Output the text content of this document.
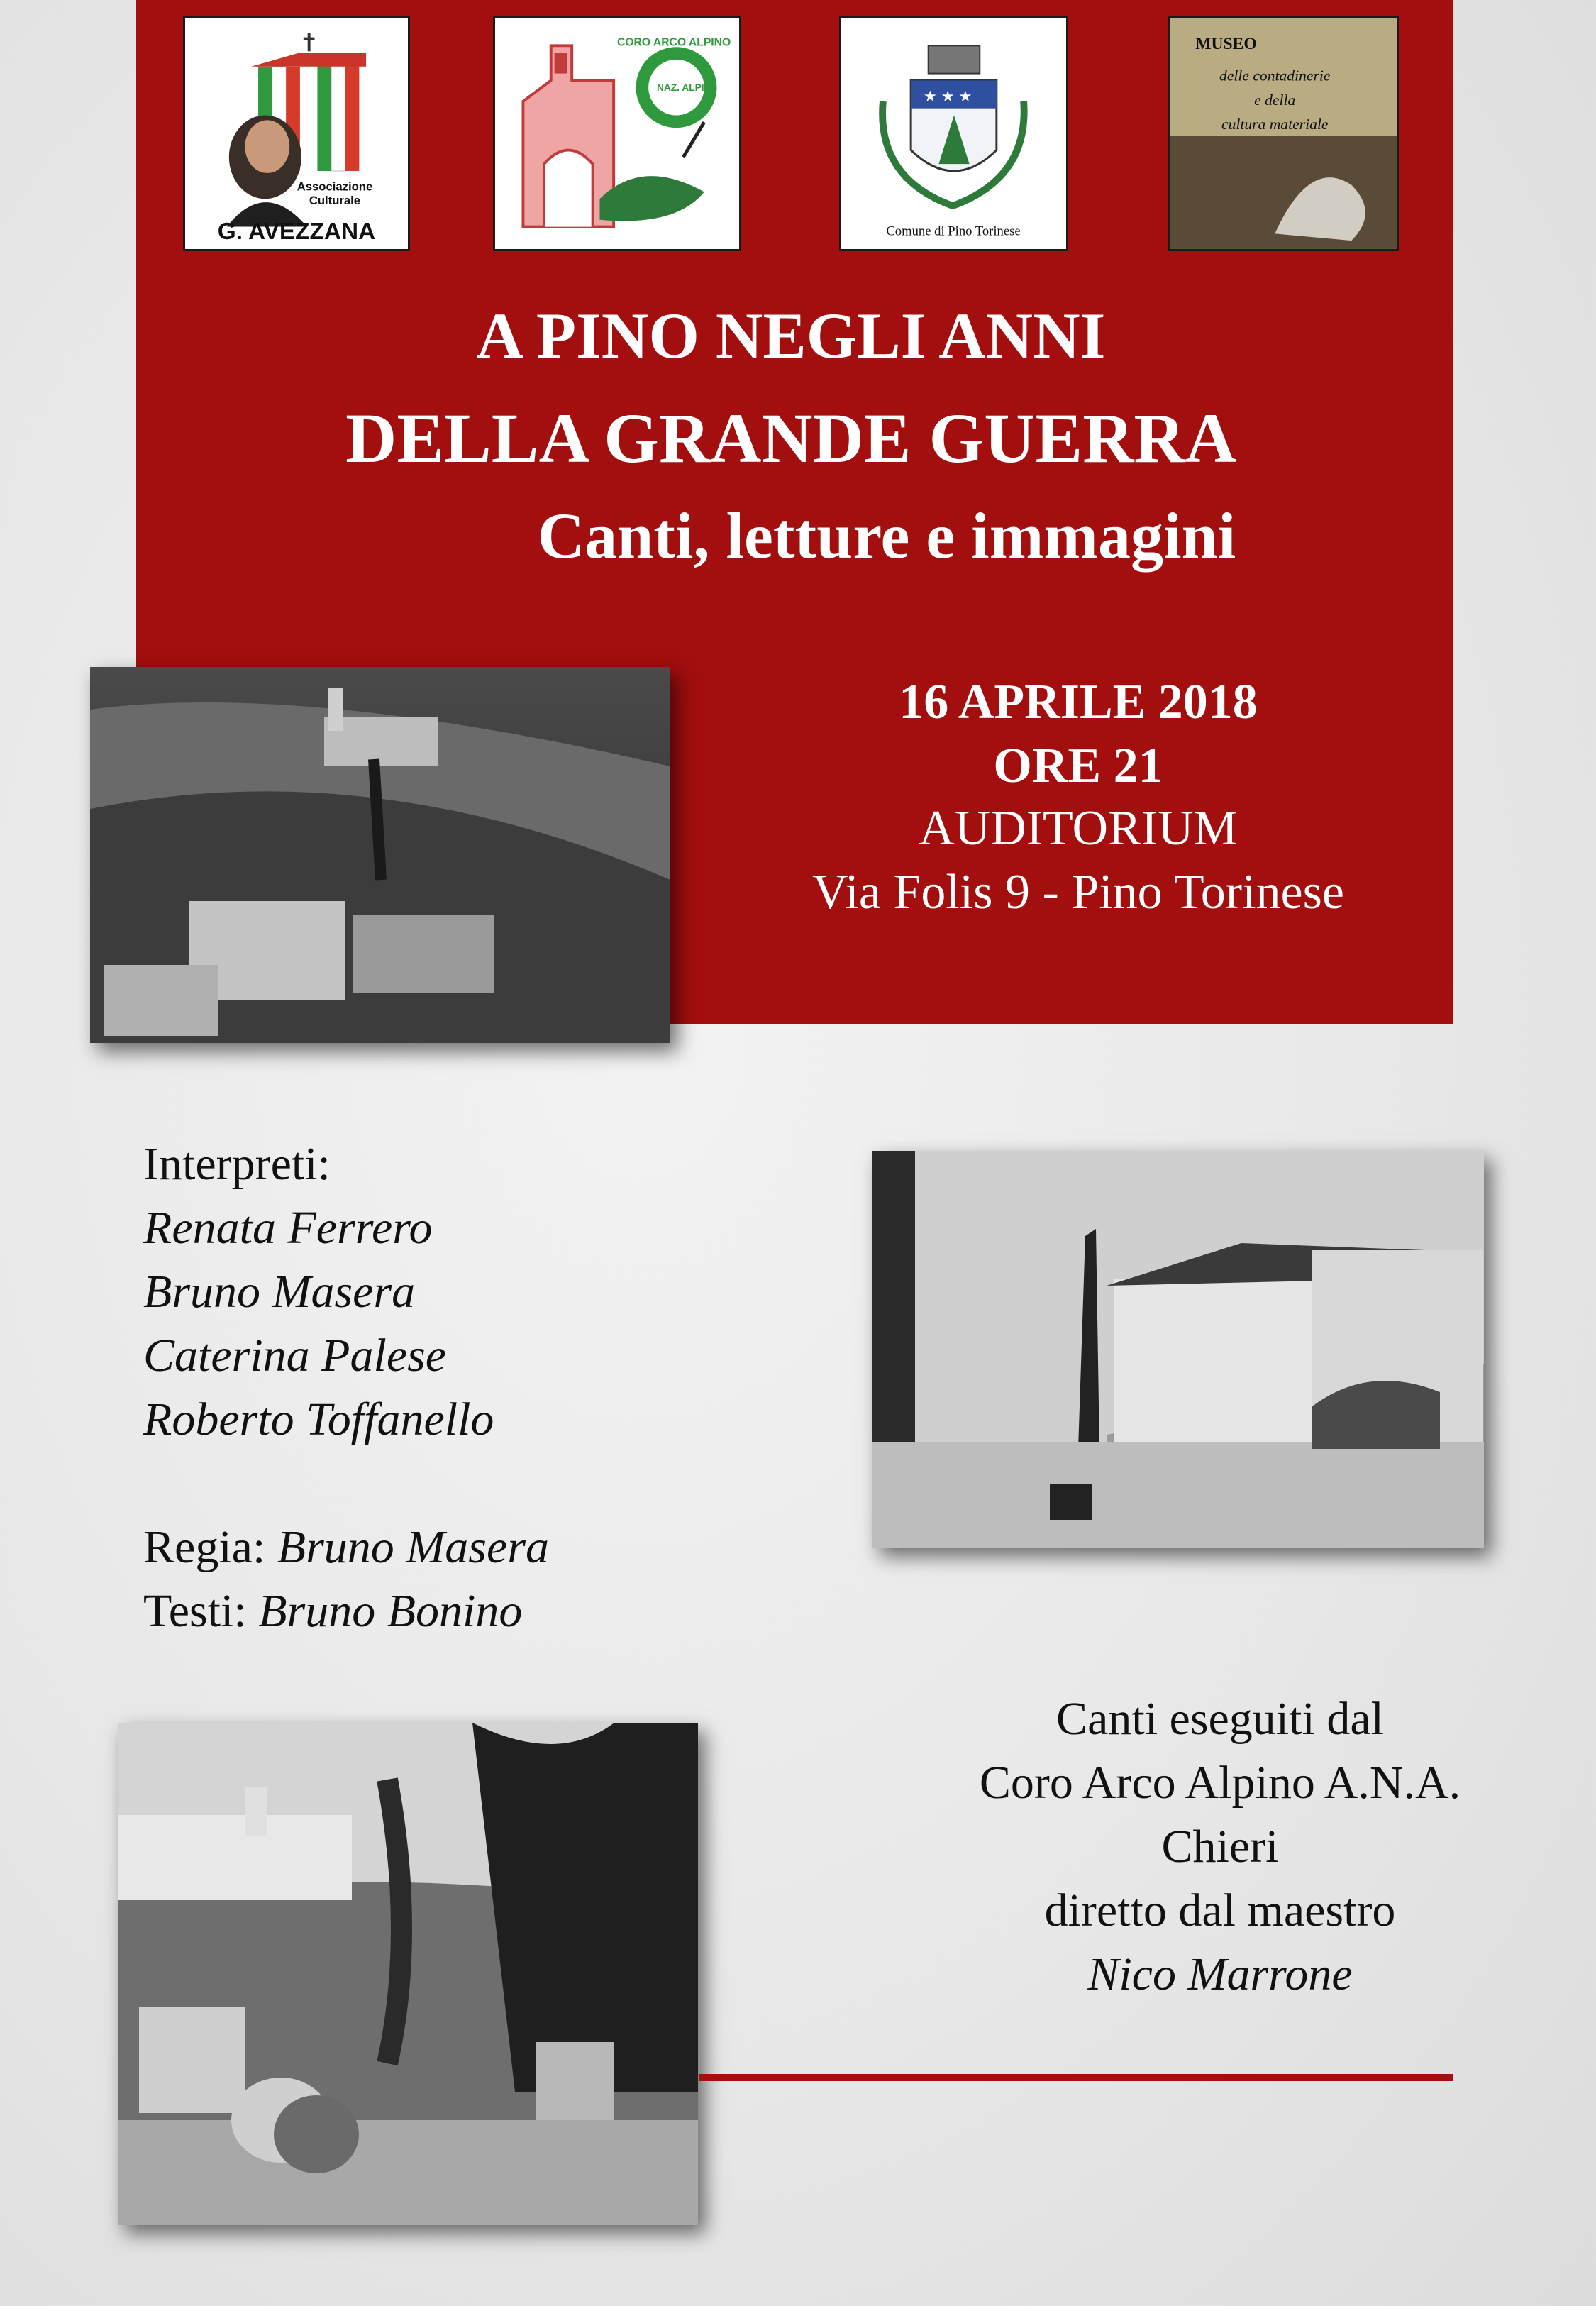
Associazione
Culturale
G. AVEZZANA
CORO ARCO ALPINO
NAZ. ALPINI
★ ★ ★
Comune di Pino Torinese
MUSEO
delle contadinerie
e della
cultura materiale
A PINO NEGLI ANNI
DELLA GRANDE GUERRA
Canti, letture e immagini
16 APRILE 2018
ORE 21
AUDITORIUM
Via Folis 9 - Pino Torinese
Interpreti:
Renata Ferrero
Bruno Masera
Caterina Palese
Roberto Toffanello
Regia: Bruno Masera
Testi: Bruno Bonino
Canti eseguiti dal
Coro Arco Alpino A.N.A.
Chieri
diretto dal maestro
Nico Marrone
